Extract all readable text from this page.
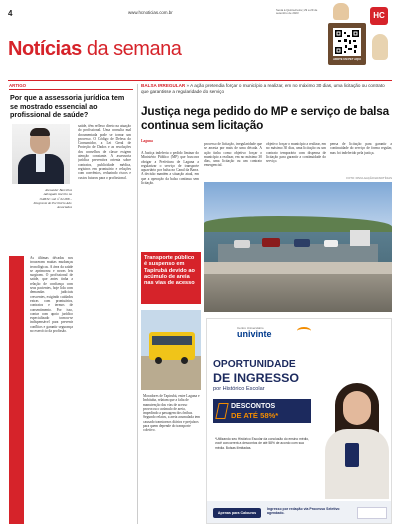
4	www.hcnoticias.com.br	Sexta à Quinta-Feira | 29 a 29 de setembro de 2023	HC
Notícias da semana	ADOTE UM PET AQUI
ARTIGO
Por que a assessoria jurídica tem se mostrado essencial ao profissional de saúde?
Alexander Barcellos Advogado inscrito na OAB/SC sob nº 62.068 – Integrante do Escritório Adv. Associados
Às últimas décadas nos trouxeram muitas mudanças tecnológicas. A área da saúde se aprimorou e novas leis surgiram. O profissional de saúde, que antes tinha a relação de confiança com seus pacientes, hoje lida com demandas judiciais crescentes, exigindo cuidados extras com prontuários, contratos e termos de consentimento. Por isso, contar com apoio jurídico especializado tornou-se indispensável para prevenir conflitos e garantir segurança no exercício da profissão.
saúde, têm reflexo direto na atuação do profissional. Uma consulta mal documentada pode se tornar um processo. O Código de Defesa do Consumidor, a Lei Geral de Proteção de Dados e as resoluções dos conselhos de classe exigem atenção constante. A assessoria jurídica preventiva orienta sobre contratos, publicidade médica, registros em prontuário e relações com convênios, reduzindo riscos e custos futuros para o profissional.
BALSA IRREGULAR » A ação pretendia forçar o município a realizar, em no máximo 30 dias, uma licitação ou contrato que garantisse a regularidade do serviço
Justiça nega pedido do MP e serviço de balsa continua sem licitação
Laguna
A Justiça indeferiu o pedido liminar do Ministério Público (MP) que buscava obrigar a Prefeitura de Laguna a regularizar o serviço de transporte aquaviário por balsa no Canal da Barra. A decisão mantém a situação atual, em que a operação da balsa continua sem licitação.
processo de licitação, irregularidade que se arrasta por mais de uma década. A ação tinha como objetivo forçar o município a realizar, em no máximo 30 dias, uma licitação ou um contrato emergencial.
objetivo forçar o município a realizar, em no máximo 30 dias, uma licitação ou um contrato temporário com dispensa de licitação para garantir a continuidade do serviço.
pensa de licitação para garantir a continuidade do serviço de forma regular, mas foi indeferido pela justiça.
FOTO: DIVULGAÇÃO/HCNOTÍCIAS
Transporte público é suspenso em Tapirubá devido ao acúmulo de areia nas vias de acesso
Moradores de Tapirubá, entre Laguna e Imbituba, relatam que a falta de manutenção das vias de acesso provocou o acúmulo de areia, impedindo a passagem dos ônibus. Segundo relatos, a areia acumulada tem causado transtornos diários e prejuízos para quem depende do transporte coletivo.
univinte
Centro Universitário
OPORTUNIDADE
DE INGRESSO
por Histórico Escolar
DESCONTOS
DE ATÉ 58%*
*Utilizando seu Histórico Escolar da conclusão do ensino médio, você concorrerá a descontos de até 58% de acordo com sua média. Bolsas ilimitadas.
Apenas para Calouros
Ingresso por redação via Processo Seletivo agendado.
